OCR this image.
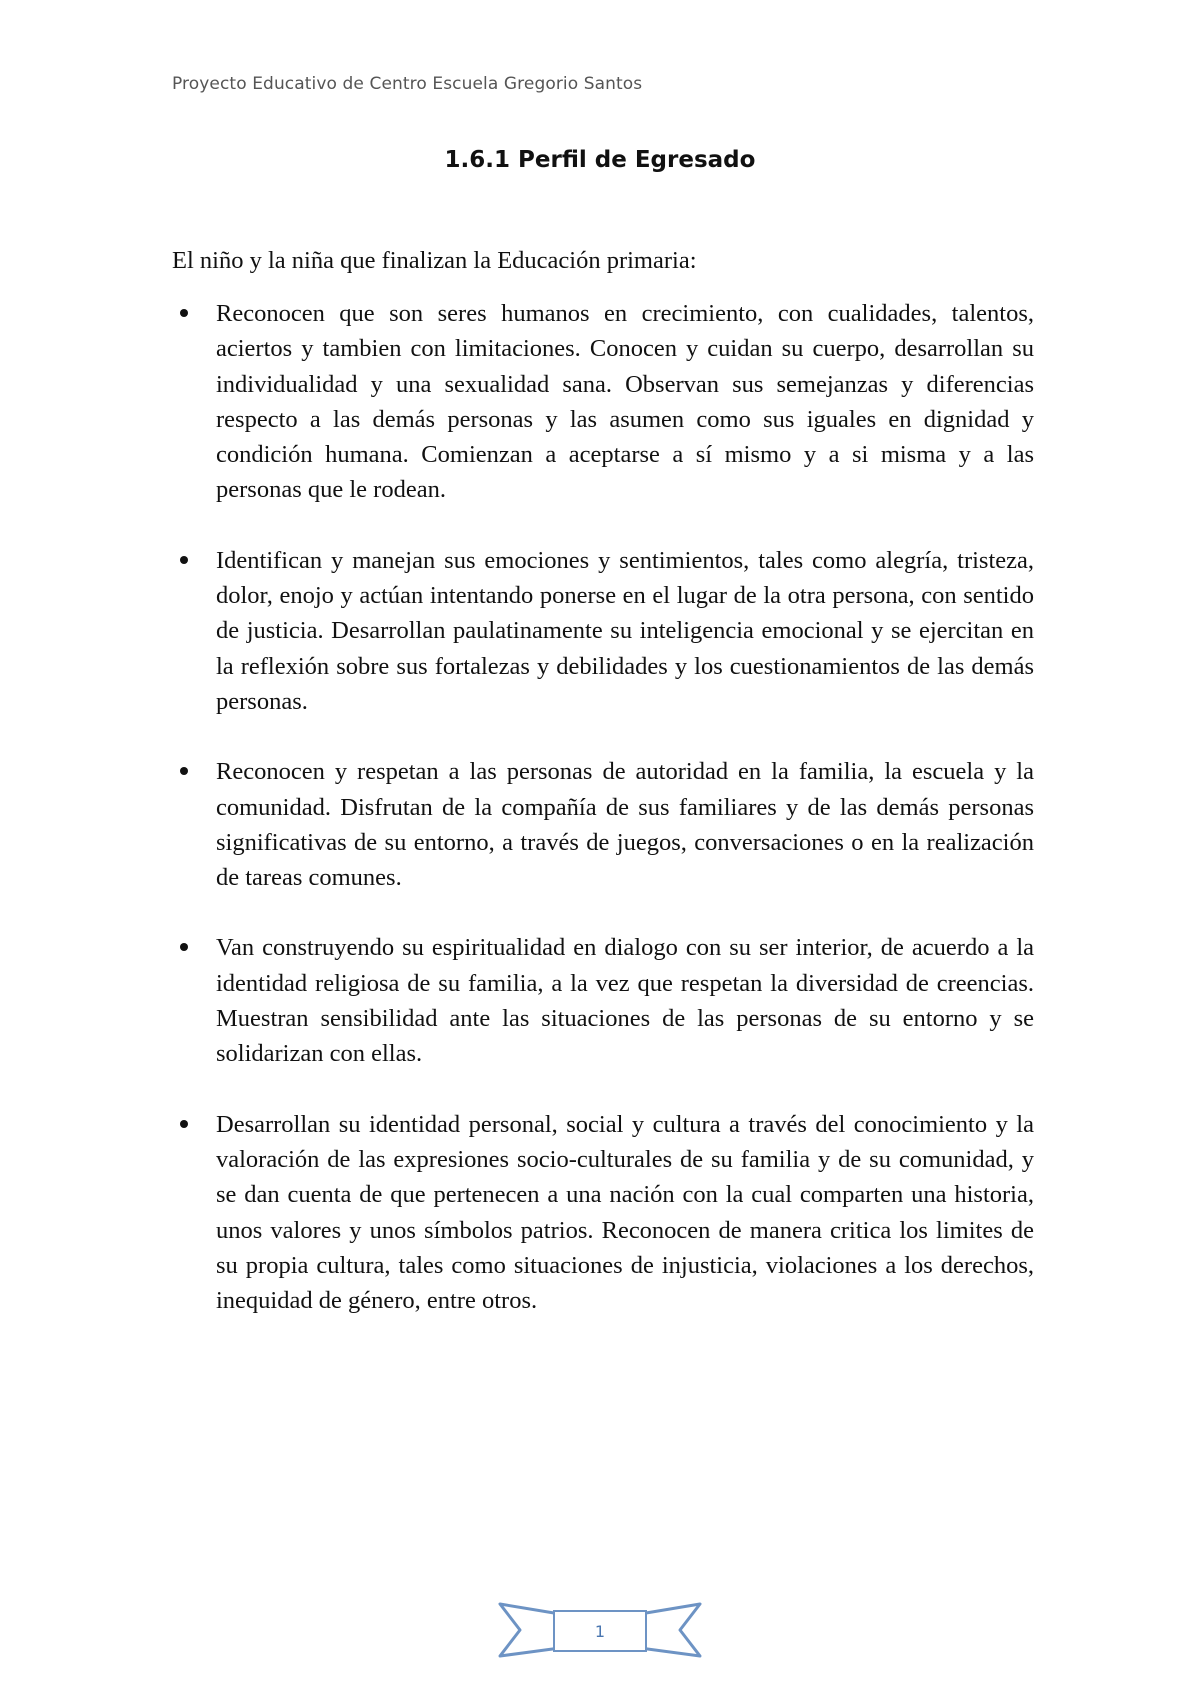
Proyecto Educativo de Centro Escuela Gregorio Santos
1.6.1 Perfil de Egresado
El niño y la niña que finalizan la Educación primaria:
Reconocen que son seres humanos en crecimiento, con cualidades, talentos, aciertos y tambien con limitaciones. Conocen y cuidan su cuerpo, desarrollan su individualidad y una sexualidad sana. Observan sus semejanzas y diferencias respecto a las demás personas y las asumen como sus iguales en dignidad y condición humana. Comienzan a aceptarse a sí mismo y a si misma y a las personas que le rodean.
Identifican y manejan sus emociones y sentimientos, tales como alegría, tristeza, dolor, enojo y actúan intentando ponerse en el lugar de la otra persona, con sentido de justicia. Desarrollan paulatinamente su inteligencia emocional y se ejercitan en la reflexión sobre sus fortalezas y debilidades y los cuestionamientos de las demás personas.
Reconocen y respetan a las personas de autoridad en la familia, la escuela y la comunidad. Disfrutan de la compañía de sus familiares y de las demás personas significativas de su entorno, a través de juegos, conversaciones o en la realización de tareas comunes.
Van construyendo su espiritualidad en dialogo con su ser interior, de acuerdo a la identidad religiosa de su familia, a la vez que respetan la diversidad de creencias. Muestran sensibilidad ante las situaciones de las personas de su entorno y se solidarizan con ellas.
Desarrollan su identidad personal, social y cultura a través del conocimiento y la valoración de las expresiones socio-culturales de su familia y de su comunidad, y se dan cuenta de que pertenecen a una nación con la cual comparten una historia, unos valores y unos símbolos patrios. Reconocen de manera critica los limites de su propia cultura, tales como situaciones de injusticia, violaciones a los derechos, inequidad de género, entre otros.
1
